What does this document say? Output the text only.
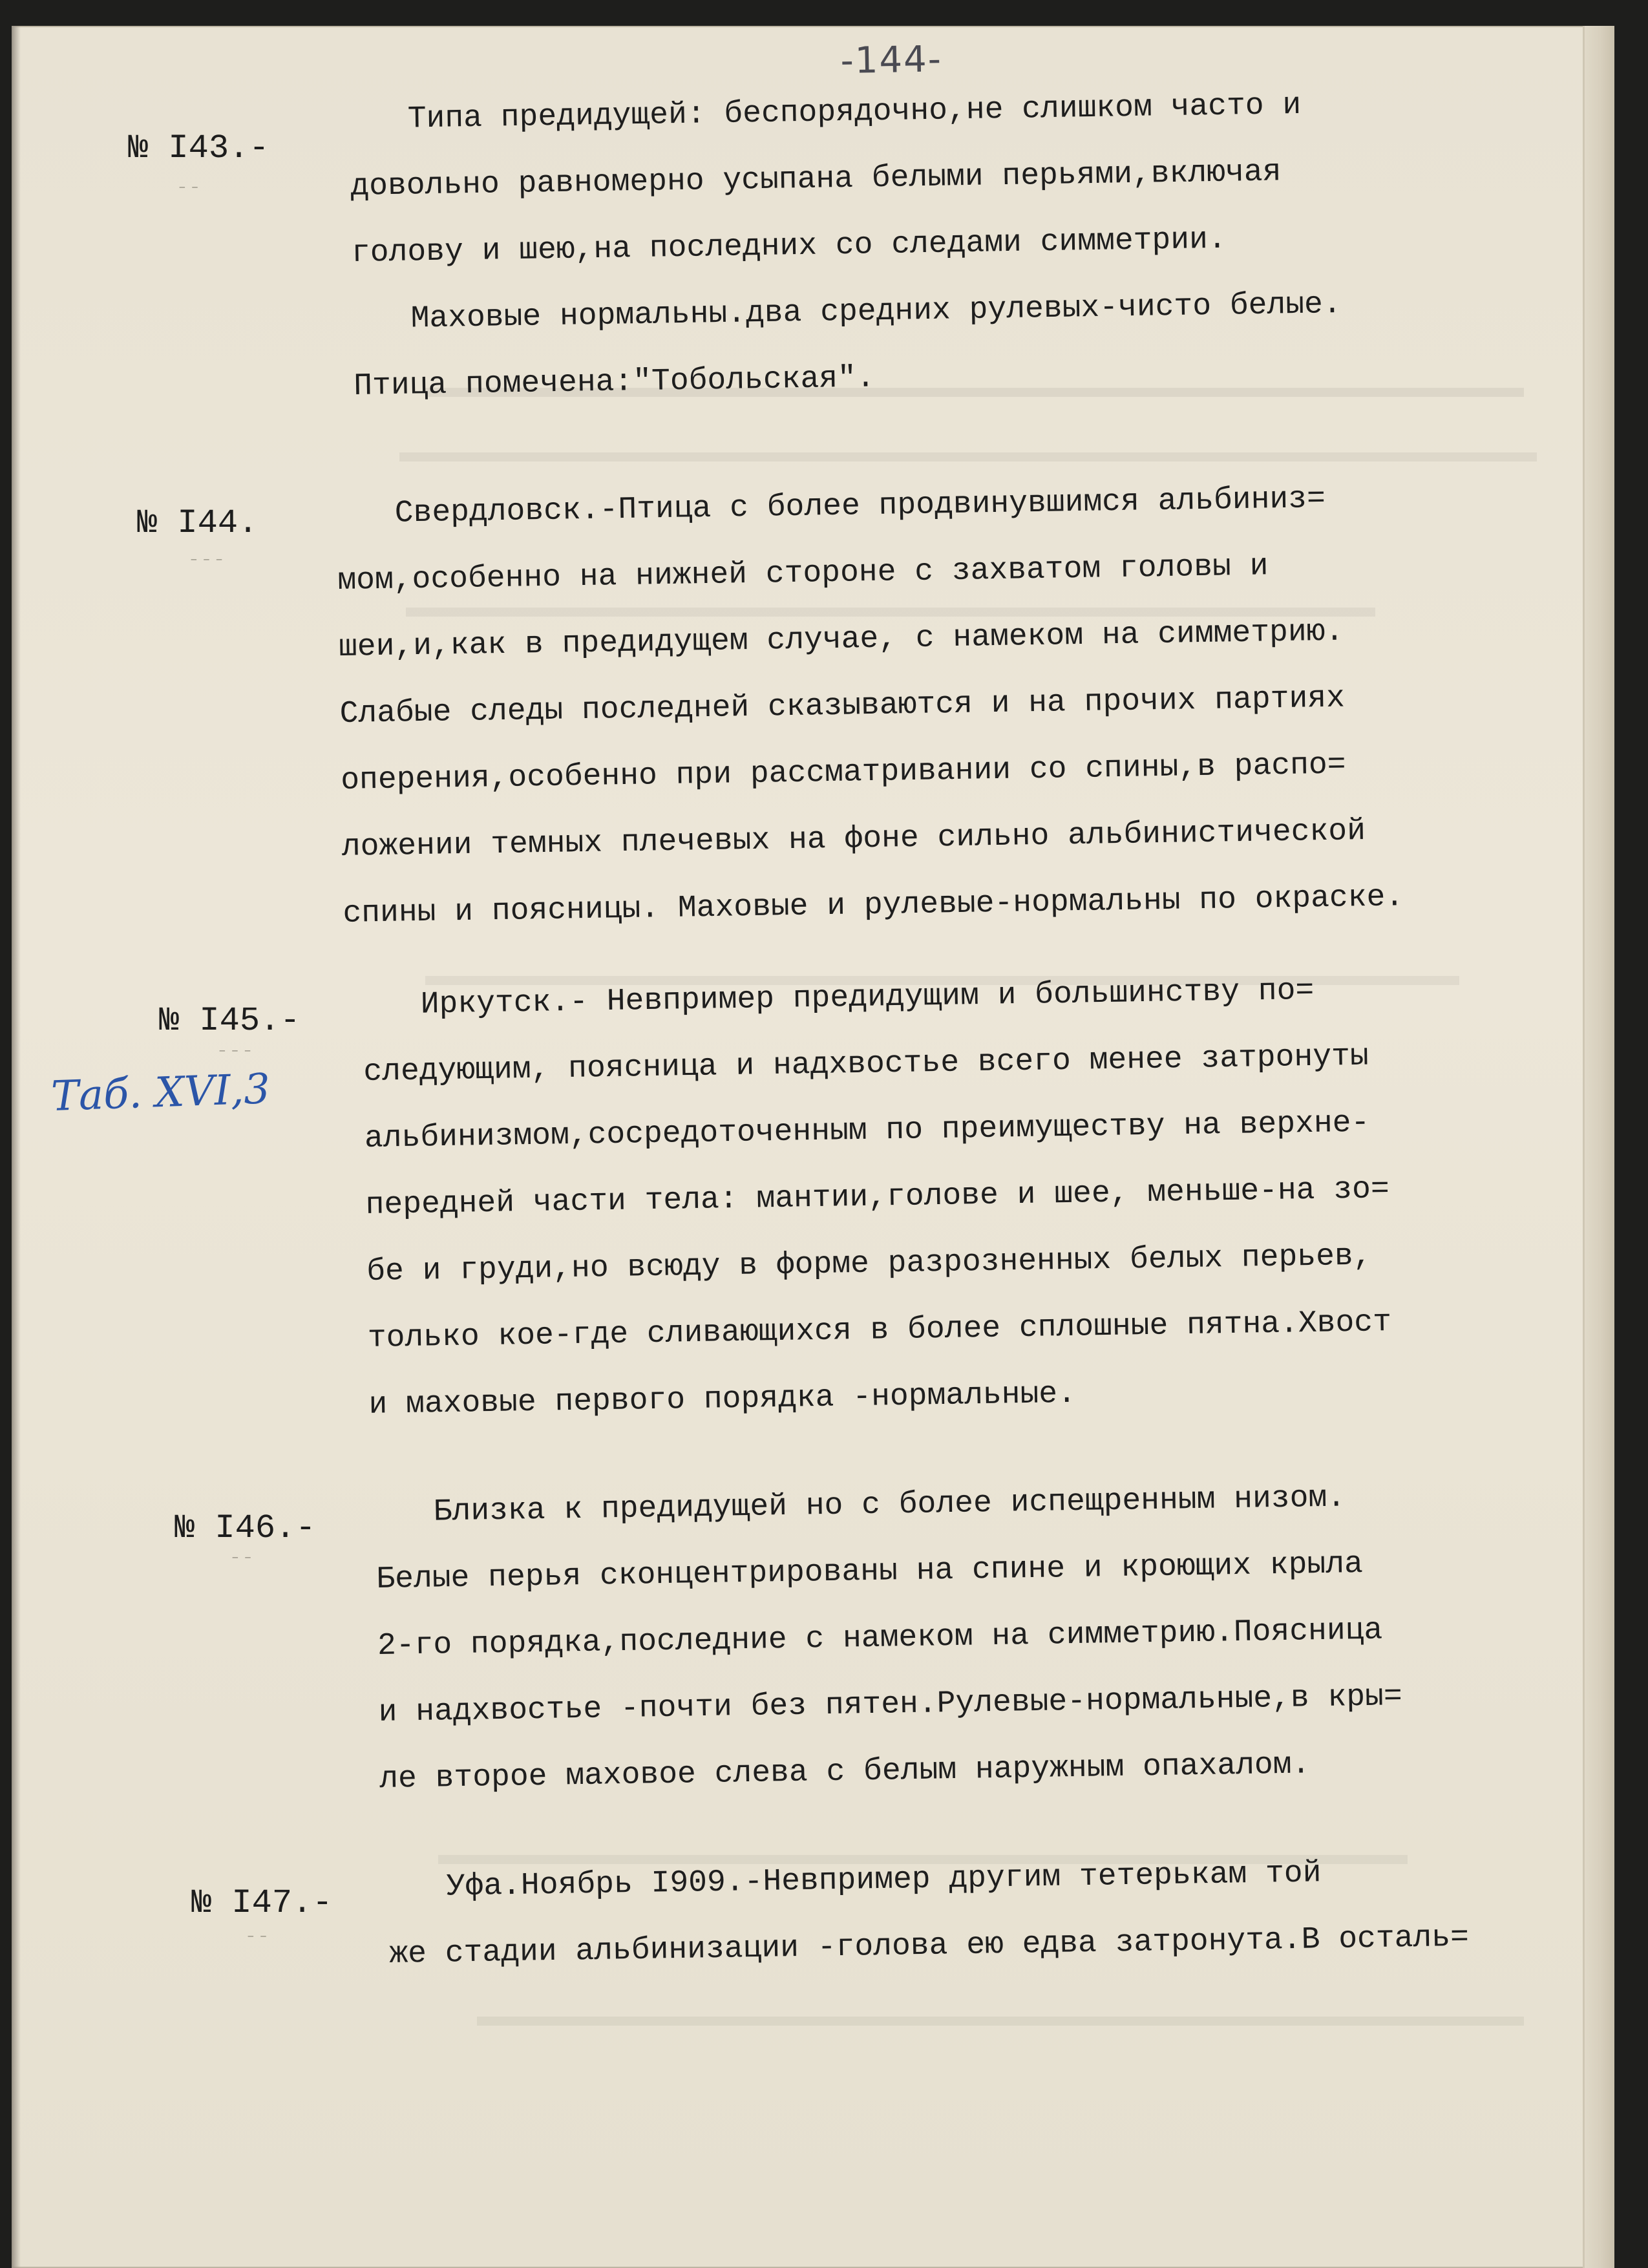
-144-
№ I43.-
⁻⁻
Типа предидущей: беспорядочно,не слишком часто и
довольно равномерно усыпана белыми перьями,включая
голову и шею,на последних со следами симметрии.
Маховые нормальны.два средних рулевых-чисто белые.
Птица помечена:"Тобольская".
№ I44.
⁻⁻⁻
Свердловск.-Птица с более продвинувшимся альбиниз=
мом,особенно на нижней стороне с захватом головы и
шеи,и,как в предидущем случае, с намеком на симметрию.
Слабые следы последней сказываются и на прочих партиях
оперения,особенно при рассматривании со спины,в распо=
ложении темных плечевых на фоне сильно альбинистической
спины и поясницы. Маховые и рулевые-нормальны по окраске.
№ I45.-
⁻⁻⁻
Таб. XVI,3
Иркутск.- Невпример предидущим и большинству по=
следующим, поясница и надхвостье всего менее затронуты
альбинизмом,сосредоточенным по преимуществу на верхне-
передней части тела: мантии,голове и шее, меньше-на зо=
бе и груди,но всюду в форме разрозненных белых перьев,
только кое-где сливающихся в более сплошные пятна.Хвост
и маховые первого порядка -нормальные.
№ I46.-
⁻⁻
Близка к предидущей но с более испещренным низом.
Белые перья сконцентрированы на спине и кроющих крыла
2-го порядка,последние с намеком на симметрию.Поясница
и надхвостье -почти без пятен.Рулевые-нормальные,в кры=
ле второе маховое слева с белым наружным опахалом.
№ I47.-
⁻⁻
Уфа.Ноябрь I909.-Невпример другим тетерькам той
же стадии альбинизации -голова ею едва затронута.В осталь=
